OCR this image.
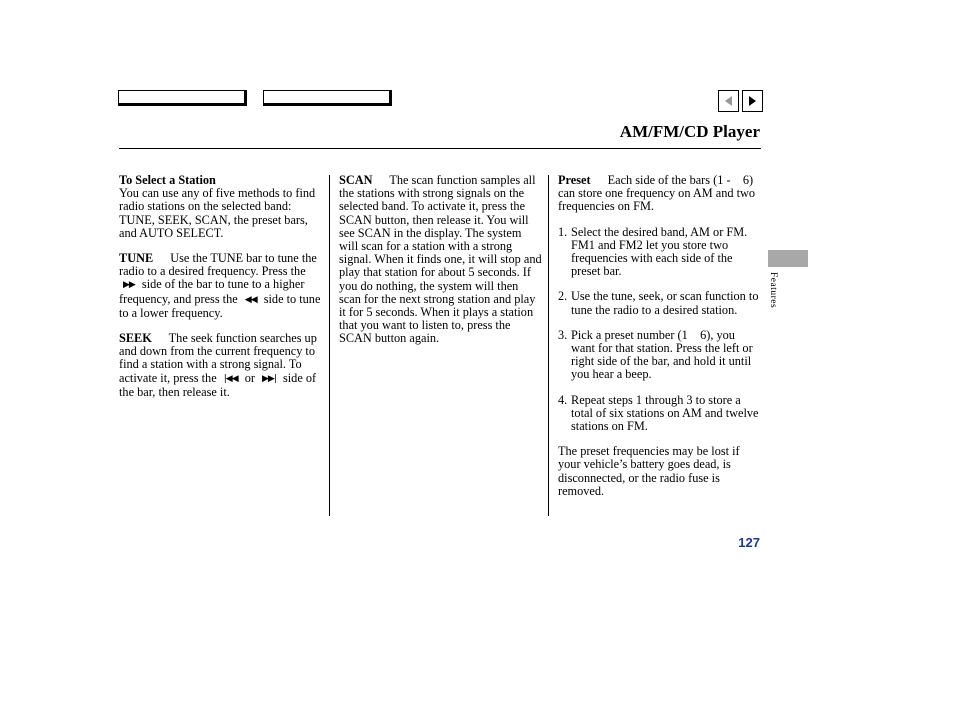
AM/FM/CD Player

To Select a Station
You can use any of five methods to find radio stations on the selected band: TUNE, SEEK, SCAN, the preset bars, and AUTO SELECT.

TUNE Use the TUNE bar to tune the radio to a desired frequency. Press the ▶▶ side of the bar to tune to a higher frequency, and press the ◀◀ side to tune to a lower frequency.

SEEK The seek function searches up and down from the current frequency to find a station with a strong signal. To activate it, press the |◀◀ or ▶▶| side of the bar, then release it.

SCAN The scan function samples all the stations with strong signals on the selected band. To activate it, press the SCAN button, then release it. You will see SCAN in the display. The system will scan for a station with a strong signal. When it finds one, it will stop and play that station for about 5 seconds. If you do nothing, the system will then scan for the next strong station and play it for 5 seconds. When it plays a station that you want to listen to, press the SCAN button again.

Preset Each side of the bars (1 -    6) can store one frequency on AM and two frequencies on FM.

1. Select the desired band, AM or FM. FM1 and FM2 let you store two frequencies with each side of the preset bar.
2. Use the tune, seek, or scan function to tune the radio to a desired station.
3. Pick a preset number (1    6), you want for that station. Press the left or right side of the bar, and hold it until you hear a beep.
4. Repeat steps 1 through 3 to store a total of six stations on AM and twelve stations on FM.

The preset frequencies may be lost if your vehicle’s battery goes dead, is disconnected, or the radio fuse is removed.

Features
127
